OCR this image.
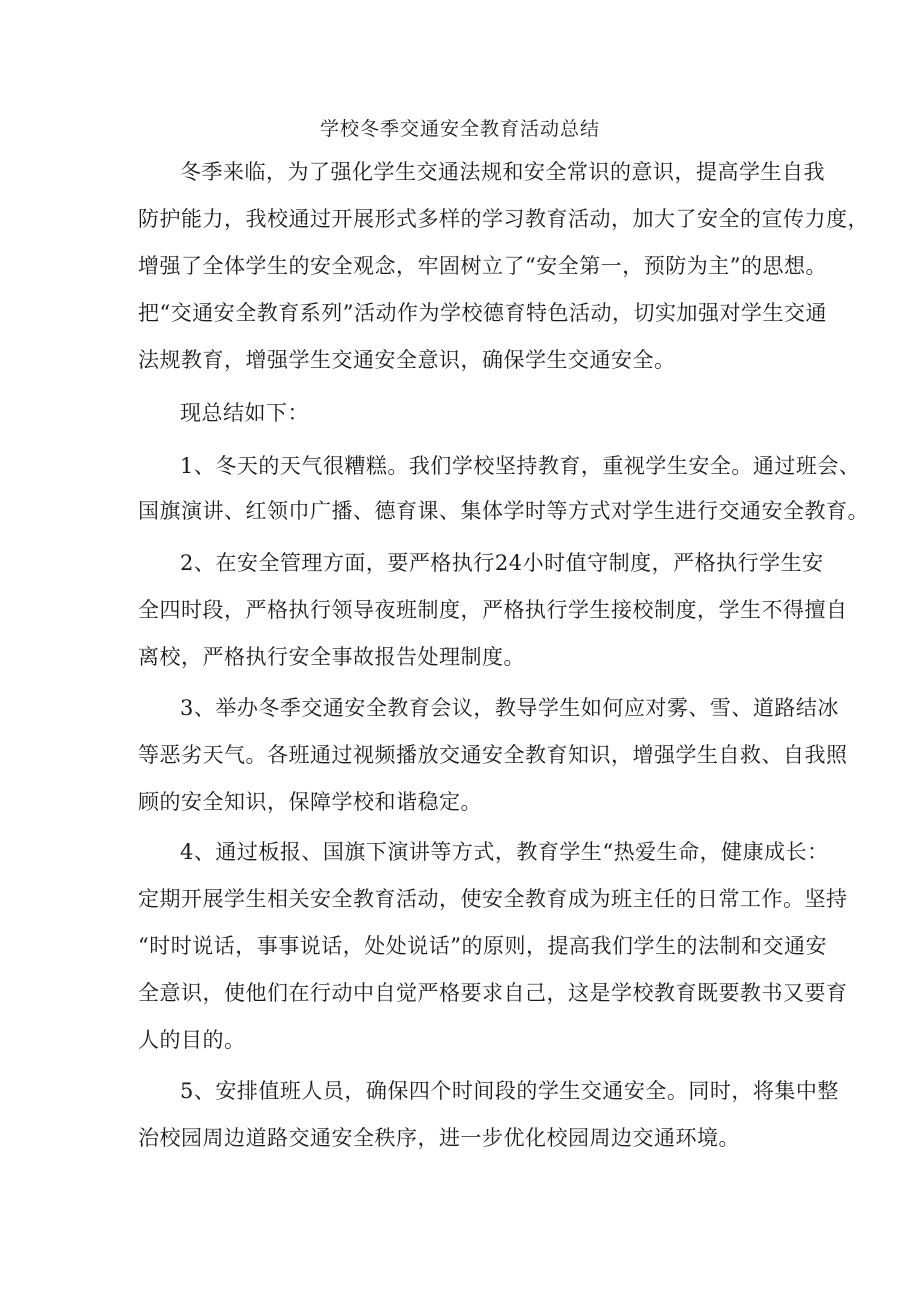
学校冬季交通安全教育活动总结
冬季来临，为了强化学生交通法规和安全常识的意识，提高学生自我
防护能力，我校通过开展形式多样的学习教育活动，加大了安全的宣传力度，
增强了全体学生的安全观念，牢固树立了“安全第一，预防为主”的思想。
把“交通安全教育系列”活动作为学校德育特色活动，切实加强对学生交通
法规教育，增强学生交通安全意识，确保学生交通安全。
现总结如下：
1、冬天的天气很糟糕。我们学校坚持教育，重视学生安全。通过班会、
国旗演讲、红领巾广播、德育课、集体学时等方式对学生进行交通安全教育。
2、在安全管理方面，要严格执行24小时值守制度，严格执行学生安
全四时段，严格执行领导夜班制度，严格执行学生接校制度，学生不得擅自
离校，严格执行安全事故报告处理制度。
3、举办冬季交通安全教育会议，教导学生如何应对雾、雪、道路结冰
等恶劣天气。各班通过视频播放交通安全教育知识，增强学生自救、自我照
顾的安全知识，保障学校和谐稳定。
4、通过板报、国旗下演讲等方式，教育学生“热爱生命，健康成长：
定期开展学生相关安全教育活动，使安全教育成为班主任的日常工作。坚持
“时时说话，事事说话，处处说话”的原则，提高我们学生的法制和交通安
全意识，使他们在行动中自觉严格要求自己，这是学校教育既要教书又要育
人的目的。
5、安排值班人员，确保四个时间段的学生交通安全。同时，将集中整
治校园周边道路交通安全秩序，进一步优化校园周边交通环境。
